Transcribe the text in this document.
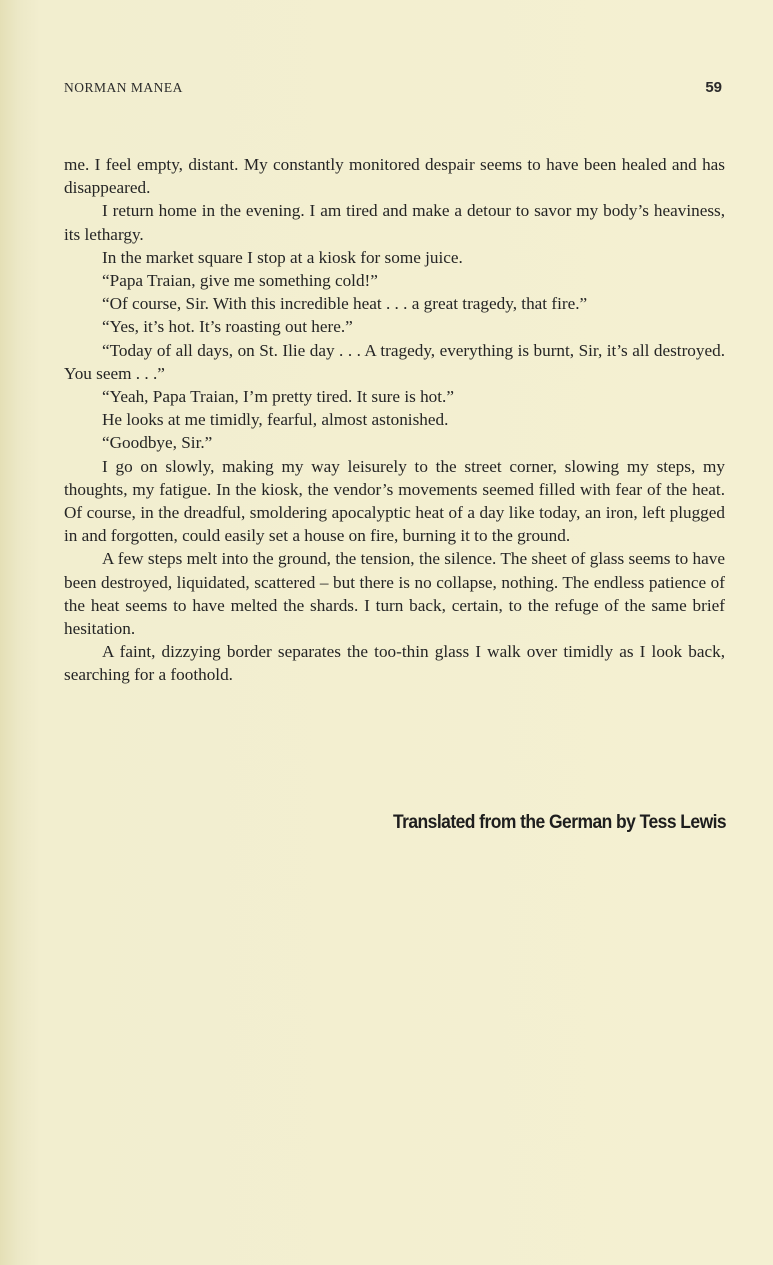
NORMAN MANEA	59

me. I feel empty, distant. My constantly monitored despair seems to have been healed and has disappeared.

I return home in the evening. I am tired and make a detour to savor my body’s heaviness, its lethargy.

In the market square I stop at a kiosk for some juice.

“Papa Traian, give me something cold!”

“Of course, Sir. With this incredible heat . . . a great tragedy, that fire.”

“Yes, it’s hot. It’s roasting out here.”

“Today of all days, on St. Ilie day . . . A tragedy, everything is burnt, Sir, it’s all destroyed. You seem . . .”

“Yeah, Papa Traian, I’m pretty tired. It sure is hot.”

He looks at me timidly, fearful, almost astonished.

“Goodbye, Sir.”

I go on slowly, making my way leisurely to the street corner, slowing my steps, my thoughts, my fatigue. In the kiosk, the vendor’s movements seemed filled with fear of the heat. Of course, in the dreadful, smoldering apocalyptic heat of a day like today, an iron, left plugged in and forgotten, could easily set a house on fire, burning it to the ground.

A few steps melt into the ground, the tension, the silence. The sheet of glass seems to have been destroyed, liquidated, scattered – but there is no collapse, nothing. The endless patience of the heat seems to have melted the shards. I turn back, certain, to the refuge of the same brief hesitation.

A faint, dizzying border separates the too-thin glass I walk over timidly as I look back, searching for a foothold.

Translated from the German by Tess Lewis
